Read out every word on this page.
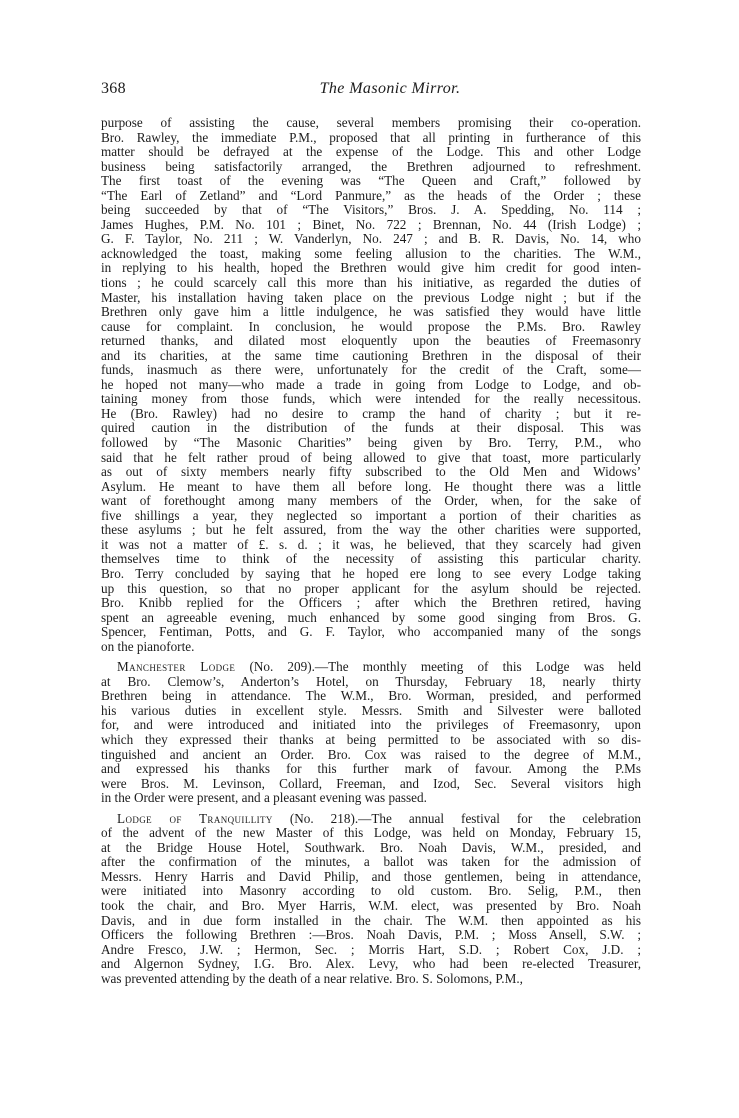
368	The Masonic Mirror.

purpose of assisting the cause, several members promising their co-operation.
Bro. Rawley, the immediate P.M., proposed that all printing in furtherance of this
matter should be defrayed at the expense of the Lodge. This and other Lodge
business being satisfactorily arranged, the Brethren adjourned to refreshment.
The first toast of the evening was “The Queen and Craft,” followed by
“The Earl of Zetland” and “Lord Panmure,” as the heads of the Order ; these
being succeeded by that of “The Visitors,” Bros. J. A. Spedding, No. 114 ;
James Hughes, P.M. No. 101 ; Binet, No. 722 ; Brennan, No. 44 (Irish Lodge) ;
G. F. Taylor, No. 211 ; W. Vanderlyn, No. 247 ; and B. R. Davis, No. 14, who
acknowledged the toast, making some feeling allusion to the charities. The W.M.,
in replying to his health, hoped the Brethren would give him credit for good inten-
tions ; he could scarcely call this more than his initiative, as regarded the duties of
Master, his installation having taken place on the previous Lodge night ; but if the
Brethren only gave him a little indulgence, he was satisfied they would have little
cause for complaint. In conclusion, he would propose the P.Ms. Bro. Rawley
returned thanks, and dilated most eloquently upon the beauties of Freemasonry
and its charities, at the same time cautioning Brethren in the disposal of their
funds, inasmuch as there were, unfortunately for the credit of the Craft, some—
he hoped not many—who made a trade in going from Lodge to Lodge, and ob-
taining money from those funds, which were intended for the really necessitous.
He (Bro. Rawley) had no desire to cramp the hand of charity ; but it re-
quired caution in the distribution of the funds at their disposal. This was
followed by “The Masonic Charities” being given by Bro. Terry, P.M., who
said that he felt rather proud of being allowed to give that toast, more particularly
as out of sixty members nearly fifty subscribed to the Old Men and Widows’
Asylum. He meant to have them all before long. He thought there was a little
want of forethought among many members of the Order, when, for the sake of
five shillings a year, they neglected so important a portion of their charities as
these asylums ; but he felt assured, from the way the other charities were supported,
it was not a matter of £. s. d. ; it was, he believed, that they scarcely had given
themselves time to think of the necessity of assisting this particular charity.
Bro. Terry concluded by saying that he hoped ere long to see every Lodge taking
up this question, so that no proper applicant for the asylum should be rejected.
Bro. Knibb replied for the Officers ; after which the Brethren retired, having
spent an agreeable evening, much enhanced by some good singing from Bros. G.
Spencer, Fentiman, Potts, and G. F. Taylor, who accompanied many of the songs
on the pianoforte.

Manchester Lodge (No. 209).—The monthly meeting of this Lodge was held
at Bro. Clemow’s, Anderton’s Hotel, on Thursday, February 18, nearly thirty
Brethren being in attendance. The W.M., Bro. Worman, presided, and performed
his various duties in excellent style. Messrs. Smith and Silvester were balloted
for, and were introduced and initiated into the privileges of Freemasonry, upon
which they expressed their thanks at being permitted to be associated with so dis-
tinguished and ancient an Order. Bro. Cox was raised to the degree of M.M.,
and expressed his thanks for this further mark of favour. Among the P.Ms
were Bros. M. Levinson, Collard, Freeman, and Izod, Sec. Several visitors high
in the Order were present, and a pleasant evening was passed.

Lodge of Tranquillity (No. 218).—The annual festival for the celebration
of the advent of the new Master of this Lodge, was held on Monday, February 15,
at the Bridge House Hotel, Southwark. Bro. Noah Davis, W.M., presided, and
after the confirmation of the minutes, a ballot was taken for the admission of
Messrs. Henry Harris and David Philip, and those gentlemen, being in attendance,
were initiated into Masonry according to old custom. Bro. Selig, P.M., then
took the chair, and Bro. Myer Harris, W.M. elect, was presented by Bro. Noah
Davis, and in due form installed in the chair. The W.M. then appointed as his
Officers the following Brethren :—Bros. Noah Davis, P.M. ; Moss Ansell, S.W. ;
Andre Fresco, J.W. ; Hermon, Sec. ; Morris Hart, S.D. ; Robert Cox, J.D. ;
and Algernon Sydney, I.G. Bro. Alex. Levy, who had been re-elected Treasurer,
was prevented attending by the death of a near relative. Bro. S. Solomons, P.M.,
